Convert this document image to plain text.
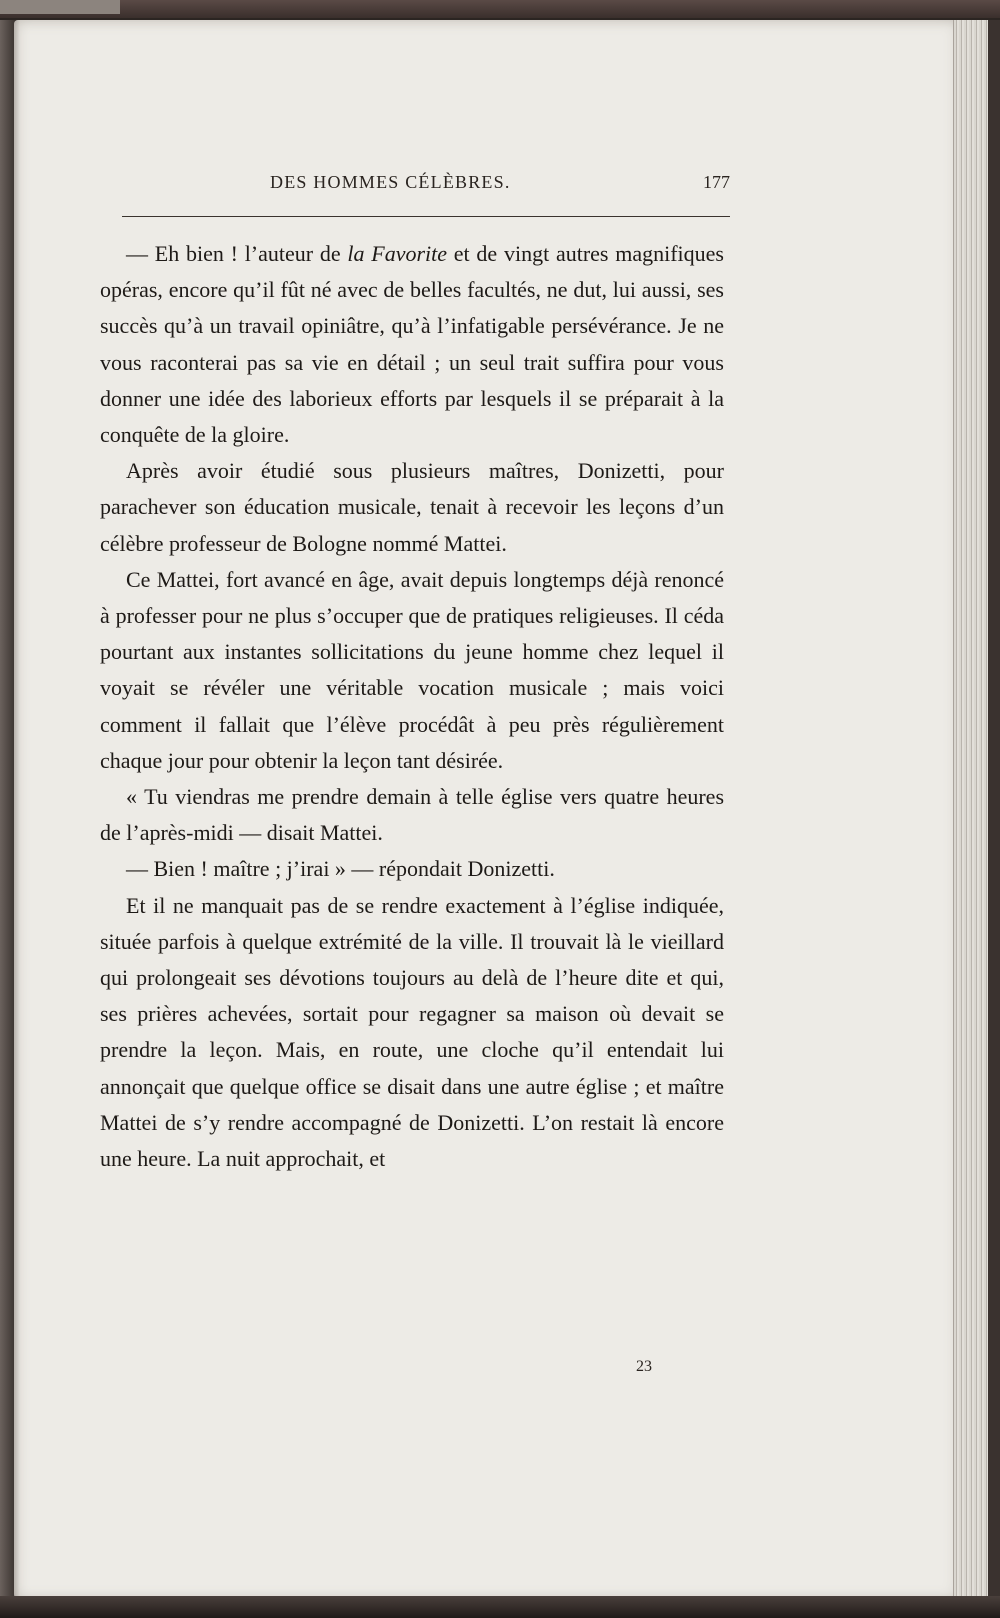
DES HOMMES CÉLÈBRES.	177

— Eh bien ! l’auteur de la Favorite et de vingt autres magnifiques opéras, encore qu’il fût né avec de belles facultés, ne dut, lui aussi, ses succès qu’à un travail opiniâtre, qu’à l’infatigable persévérance. Je ne vous raconterai pas sa vie en détail ; un seul trait suffira pour vous donner une idée des laborieux efforts par lesquels il se préparait à la conquête de la gloire.

Après avoir étudié sous plusieurs maîtres, Donizetti, pour parachever son éducation musicale, tenait à recevoir les leçons d’un célèbre professeur de Bologne nommé Mattei.

Ce Mattei, fort avancé en âge, avait depuis longtemps déjà renoncé à professer pour ne plus s’occuper que de pratiques religieuses. Il céda pourtant aux instantes sollicitations du jeune homme chez lequel il voyait se révéler une véritable vocation musicale ; mais voici comment il fallait que l’élève procédât à peu près régulièrement chaque jour pour obtenir la leçon tant désirée.

« Tu viendras me prendre demain à telle église vers quatre heures de l’après-midi — disait Mattei.

— Bien ! maître ; j’irai » — répondait Donizetti.

Et il ne manquait pas de se rendre exactement à l’église indiquée, située parfois à quelque extrémité de la ville. Il trouvait là le vieillard qui prolongeait ses dévotions toujours au delà de l’heure dite et qui, ses prières achevées, sortait pour regagner sa maison où devait se prendre la leçon. Mais, en route, une cloche qu’il entendait lui annonçait que quelque office se disait dans une autre église ; et maître Mattei de s’y rendre accompagné de Donizetti. L’on restait là encore une heure. La nuit approchait, et

23
